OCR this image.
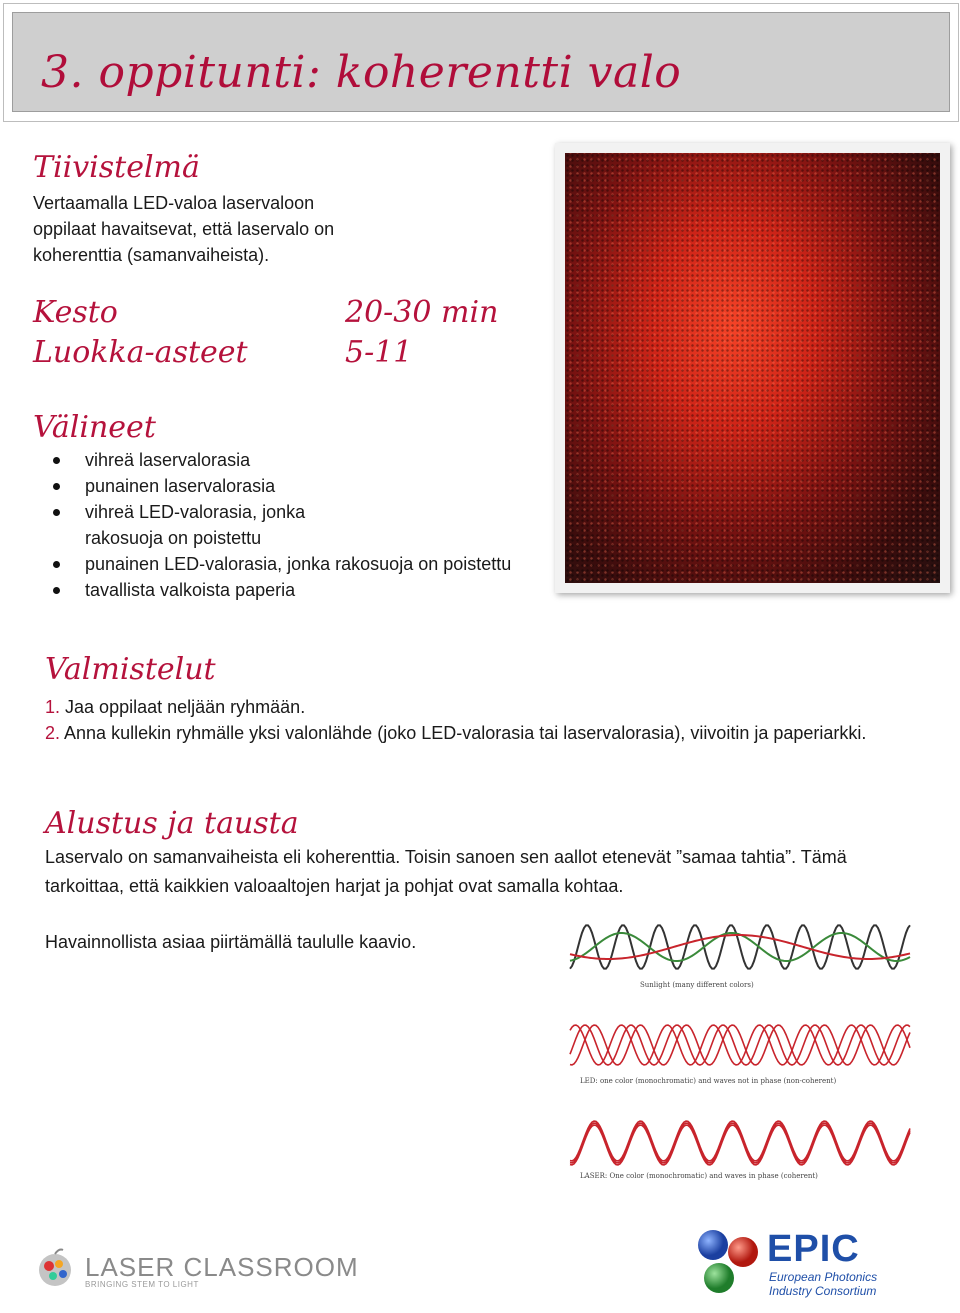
3. oppitunti: koherentti valo
Tiivistelmä
Vertaamalla LED-valoa laservaloon
oppilaat havaitsevat, että laservalo on
koherenttia (samanvaiheista).
Kesto	20-30 min
Luokka-asteet	5-11
Välineet
vihreä laservalorasia
punainen laservalorasia
vihreä LED-valorasia, jonka rakosuoja on poistettu
punainen LED-valorasia, jonka rakosuoja on poistettu
tavallista valkoista paperia
Valmistelut
1. Jaa oppilaat neljään ryhmään.
2. Anna kullekin ryhmälle yksi valonlähde (joko LED-valorasia tai laservalorasia), viivoitin ja paperiarkki.
Alustus ja tausta
Laservalo on samanvaiheista eli koherenttia. Toisin sanoen sen aallot etenevät ”samaa tahtia”. Tämä tarkoittaa, että kaikkien valoaaltojen harjat ja pohjat ovat samalla kohtaa.
Havainnollista asiaa piirtämällä taululle kaavio.
Sunlight (many different colors)
LED: one color (monochromatic) and waves not in phase (non-coherent)
LASER: One color (monochromatic) and waves in phase (coherent)
LASER CLASSROOM
BRINGING STEM TO LIGHT
EPIC
European Photonics
Industry Consortium
